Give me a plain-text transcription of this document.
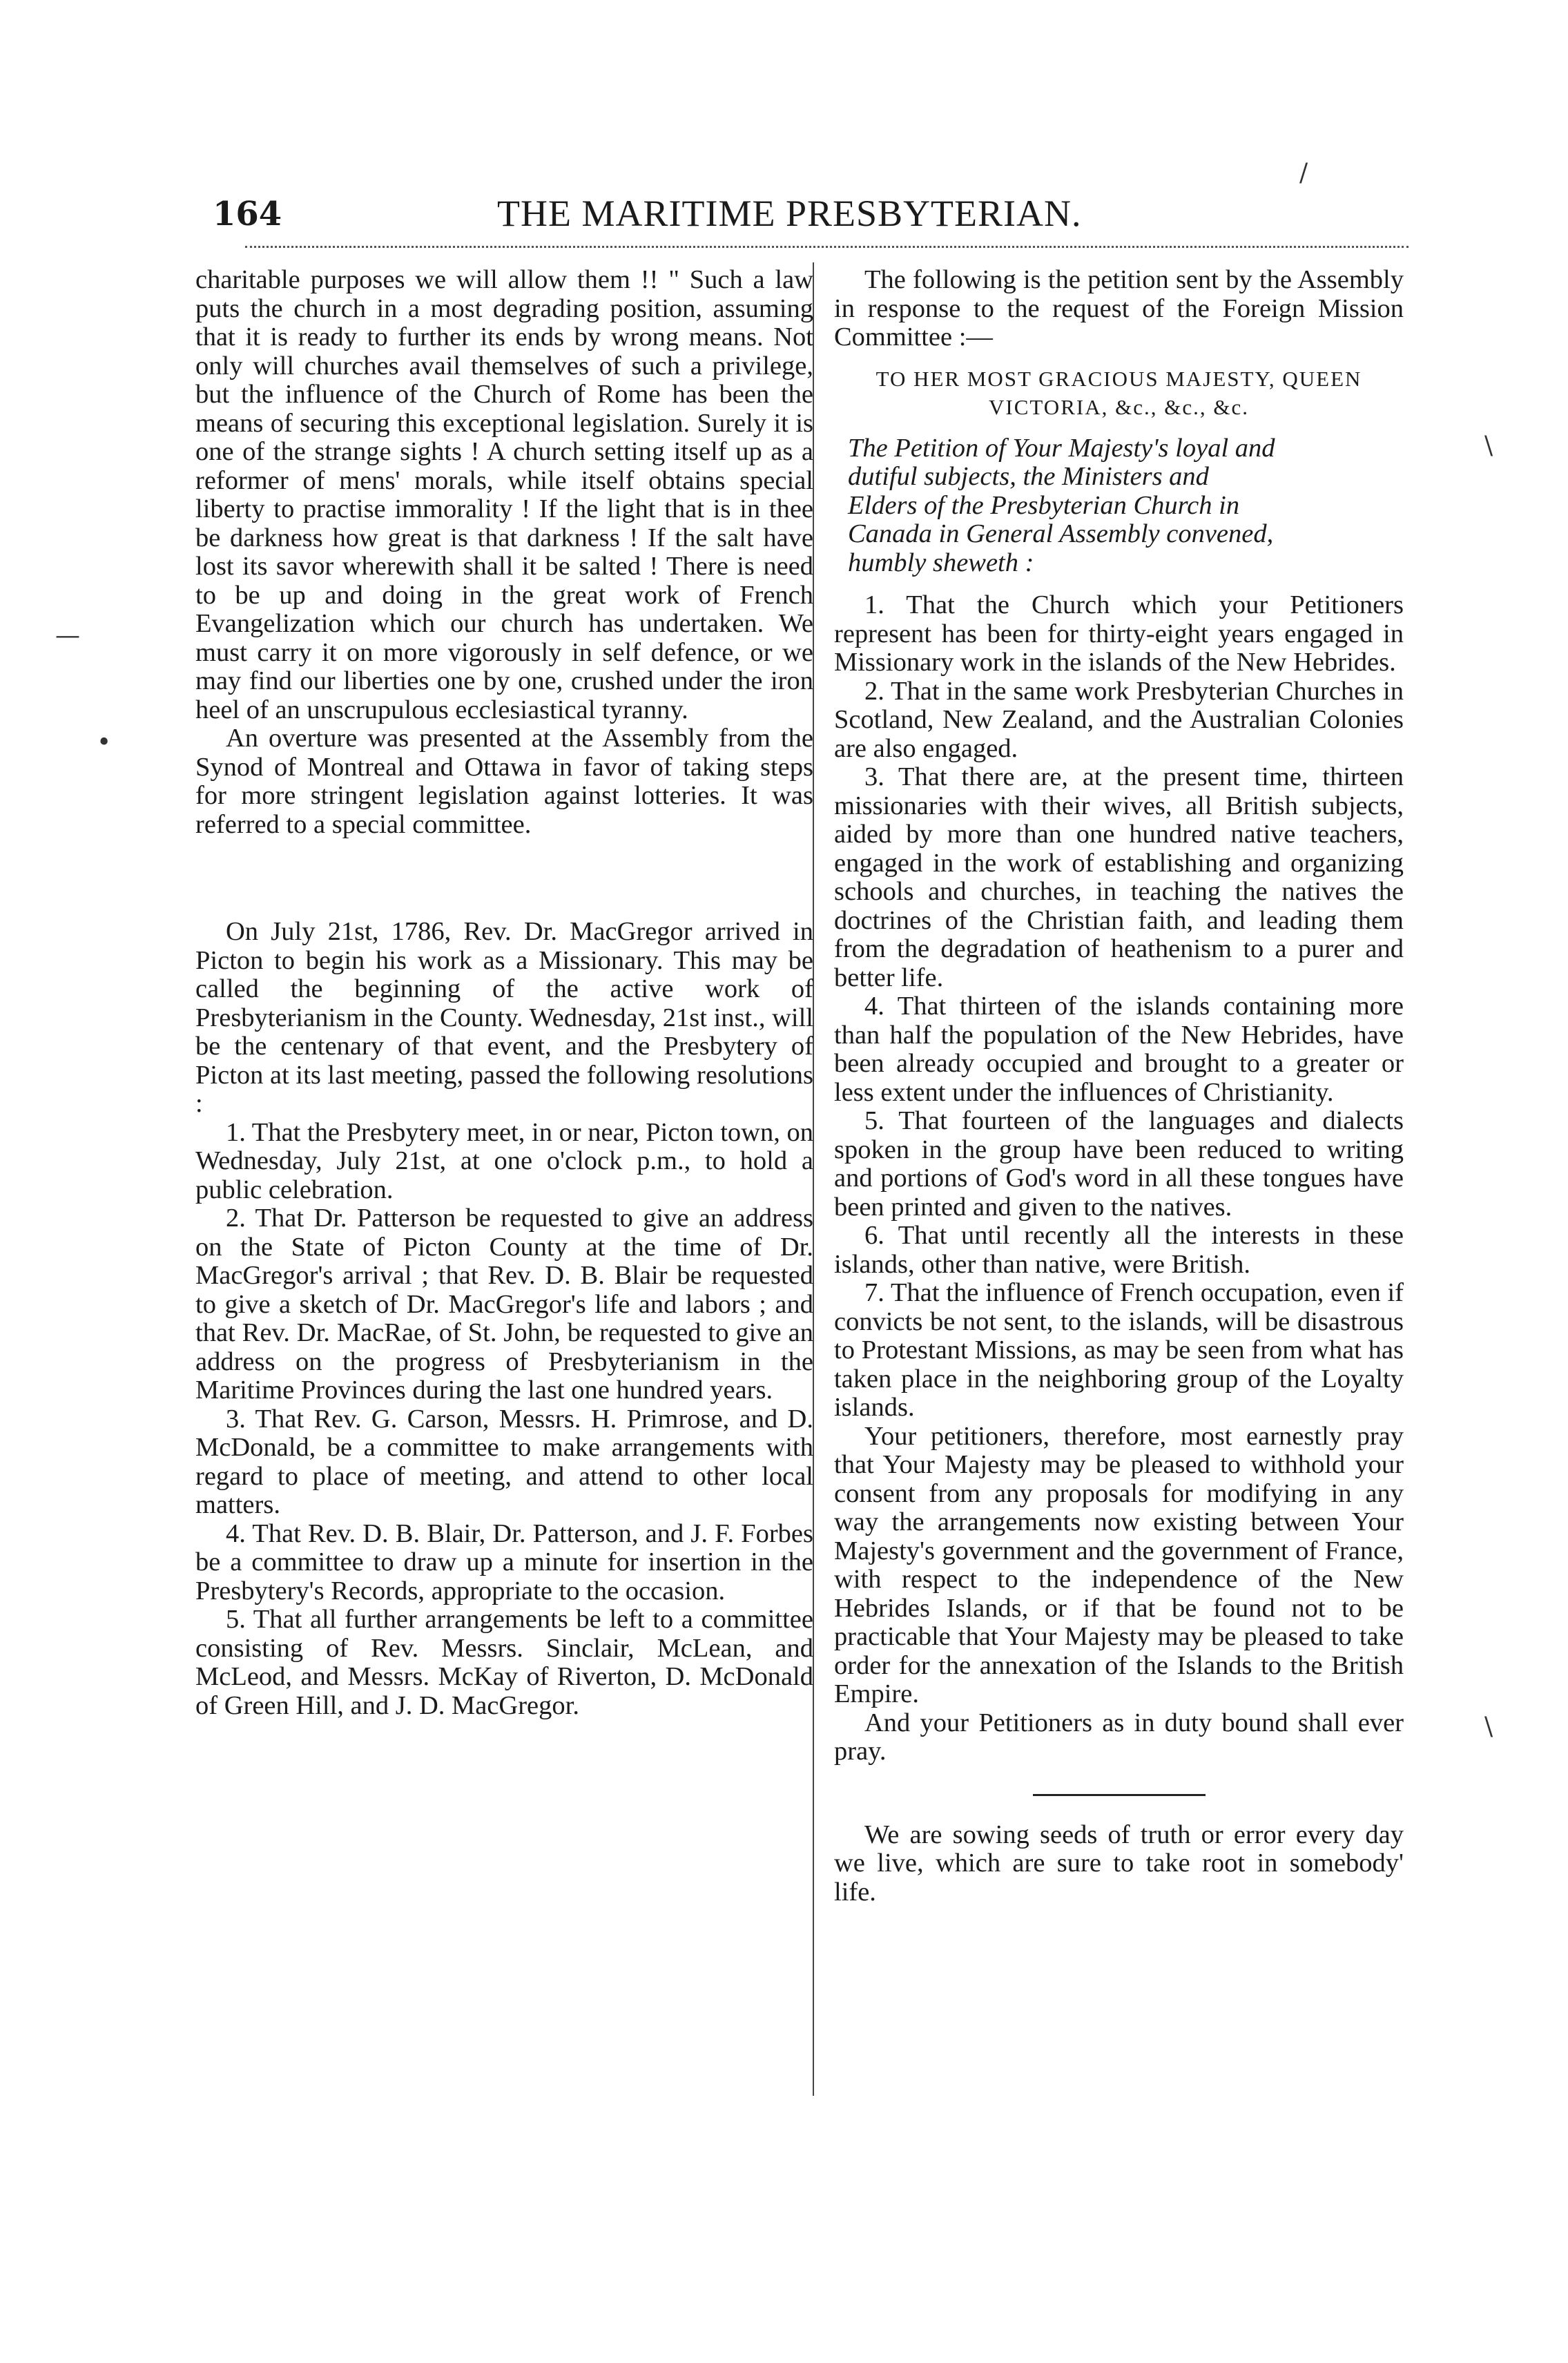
164	THE MARITIME PRESBYTERIAN.
/
—
•
\
\

charitable purposes we will allow them !! " Such a law puts the church in a most degrading position, assuming that it is ready to further its ends by wrong means. Not only will churches avail themselves of such a privilege, but the influence of the Church of Rome has been the means of securing this exceptional legislation. Surely it is one of the strange sights ! A church setting itself up as a reformer of mens' morals, while itself obtains special liberty to practise immorality ! If the light that is in thee be darkness how great is that darkness ! If the salt have lost its savor wherewith shall it be salted ! There is need to be up and doing in the great work of French Evangelization which our church has undertaken. We must carry it on more vigorously in self defence, or we may find our liberties one by one, crushed under the iron heel of an unscrupulous ecclesiastical tyranny.

An overture was presented at the Assembly from the Synod of Montreal and Ottawa in favor of taking steps for more stringent legislation against lotteries. It was referred to a special committee.

On July 21st, 1786, Rev. Dr. MacGregor arrived in Picton to begin his work as a Missionary. This may be called the beginning of the active work of Presbyterianism in the County. Wednesday, 21st inst., will be the centenary of that event, and the Presbytery of Picton at its last meeting, passed the following resolutions :

1. That the Presbytery meet, in or near, Picton town, on Wednesday, July 21st, at one o'clock p.m., to hold a public celebration.

2. That Dr. Patterson be requested to give an address on the State of Picton County at the time of Dr. MacGregor's arrival ; that Rev. D. B. Blair be requested to give a sketch of Dr. MacGregor's life and labors ; and that Rev. Dr. MacRae, of St. John, be requested to give an address on the progress of Presbyterianism in the Maritime Provinces during the last one hundred years.

3. That Rev. G. Carson, Messrs. H. Primrose, and D. McDonald, be a committee to make arrangements with regard to place of meeting, and attend to other local matters.

4. That Rev. D. B. Blair, Dr. Patterson, and J. F. Forbes be a committee to draw up a minute for insertion in the Presbytery's Records, appropriate to the occasion.

5. That all further arrangements be left to a committee consisting of Rev. Messrs. Sinclair, McLean, and McLeod, and Messrs. McKay of Riverton, D. McDonald of Green Hill, and J. D. MacGregor.

The following is the petition sent by the Assembly in response to the request of the Foreign Mission Committee :—

TO HER MOST GRACIOUS MAJESTY, QUEEN
VICTORIA, &c., &c., &c.

The Petition of Your Majesty's loyal and
dutiful subjects, the Ministers and
Elders of the Presbyterian Church in
Canada in General Assembly convened,
humbly sheweth :

1. That the Church which your Petitioners represent has been for thirty-eight years engaged in Missionary work in the islands of the New Hebrides.

2. That in the same work Presbyterian Churches in Scotland, New Zealand, and the Australian Colonies are also engaged.

3. That there are, at the present time, thirteen missionaries with their wives, all British subjects, aided by more than one hundred native teachers, engaged in the work of establishing and organizing schools and churches, in teaching the natives the doctrines of the Christian faith, and leading them from the degradation of heathenism to a purer and better life.

4. That thirteen of the islands containing more than half the population of the New Hebrides, have been already occupied and brought to a greater or less extent under the influences of Christianity.

5. That fourteen of the languages and dialects spoken in the group have been reduced to writing and portions of God's word in all these tongues have been printed and given to the natives.

6. That until recently all the interests in these islands, other than native, were British.

7. That the influence of French occupation, even if convicts be not sent, to the islands, will be disastrous to Protestant Missions, as may be seen from what has taken place in the neighboring group of the Loyalty islands.

Your petitioners, therefore, most earnestly pray that Your Majesty may be pleased to withhold your consent from any proposals for modifying in any way the arrangements now existing between Your Majesty's government and the government of France, with respect to the independence of the New Hebrides Islands, or if that be found not to be practicable that Your Majesty may be pleased to take order for the annexation of the Islands to the British Empire.

And your Petitioners as in duty bound shall ever pray.

We are sowing seeds of truth or error every day we live, which are sure to take root in somebody' life.
